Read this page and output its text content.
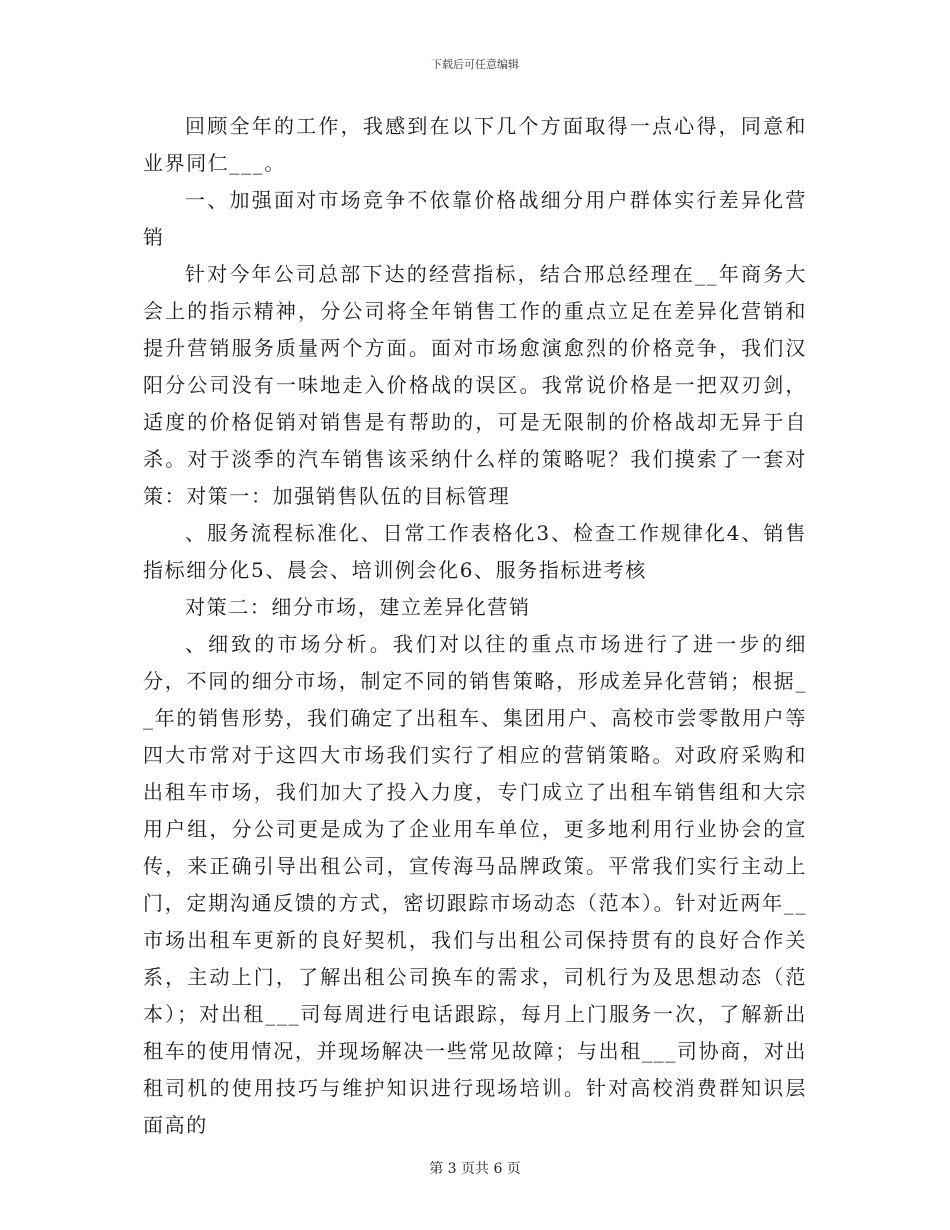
下载后可任意编辑

回顾全年的工作，我感到在以下几个方面取得一点心得，同意和业界同仁___。

一、加强面对市场竞争不依靠价格战细分用户群体实行差异化营销

针对今年公司总部下达的经营指标，结合邢总经理在__年商务大会上的指示精神，分公司将全年销售工作的重点立足在差异化营销和提升营销服务质量两个方面。面对市场愈演愈烈的价格竞争，我们汉阳分公司没有一味地走入价格战的误区。我常说价格是一把双刃剑，适度的价格促销对销售是有帮助的，可是无限制的价格战却无异于自杀。对于淡季的汽车销售该采纳什么样的策略呢？我们摸索了一套对策：对策一：加强销售队伍的目标管理

、服务流程标准化、日常工作表格化3、检查工作规律化4、销售指标细分化5、晨会、培训例会化6、服务指标进考核

对策二：细分市场，建立差异化营销

、细致的市场分析。我们对以往的重点市场进行了进一步的细分，不同的细分市场，制定不同的销售策略，形成差异化营销；根据__年的销售形势，我们确定了出租车、集团用户、高校市尝零散用户等四大市常对于这四大市场我们实行了相应的营销策略。对政府采购和出租车市场，我们加大了投入力度，专门成立了出租车销售组和大宗用户组，分公司更是成为了企业用车单位，更多地利用行业协会的宣传，来正确引导出租公司，宣传海马品牌政策。平常我们实行主动上门，定期沟通反馈的方式，密切跟踪市场动态（范本）。针对近两年__市场出租车更新的良好契机，我们与出租公司保持贯有的良好合作关系，主动上门，了解出租公司换车的需求，司机行为及思想动态（范本）；对出租___司每周进行电话跟踪，每月上门服务一次，了解新出租车的使用情况，并现场解决一些常见故障；与出租___司协商，对出租司机的使用技巧与维护知识进行现场培训。针对高校消费群知识层面高的

第 3 页共 6 页
